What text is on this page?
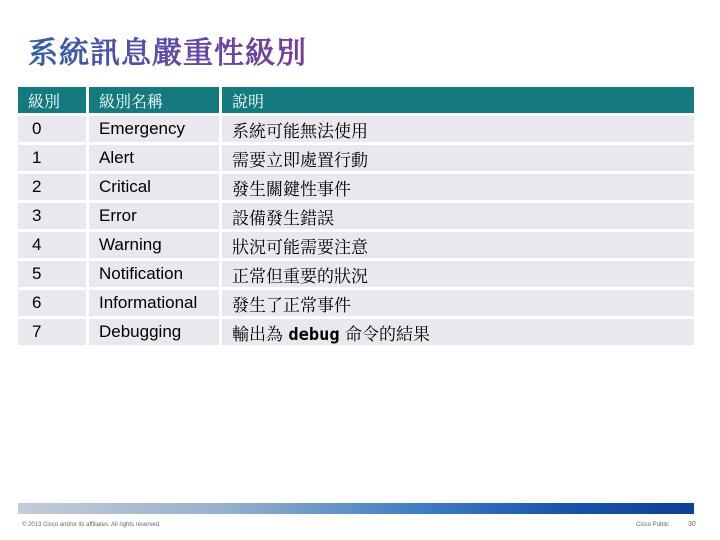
系統訊息嚴重性級別
級別	級別名稱	說明
0	Emergency	系統可能無法使用
1	Alert	需要立即處置行動
2	Critical	發生關鍵性事件
3	Error	設備發生錯誤
4	Warning	狀況可能需要注意
5	Notification	正常但重要的狀況
6	Informational	發生了正常事件
7	Debugging	輸出為 debug 命令的結果
© 2013 Cisco and/or its affiliates. All rights reserved.	Cisco Public	30
